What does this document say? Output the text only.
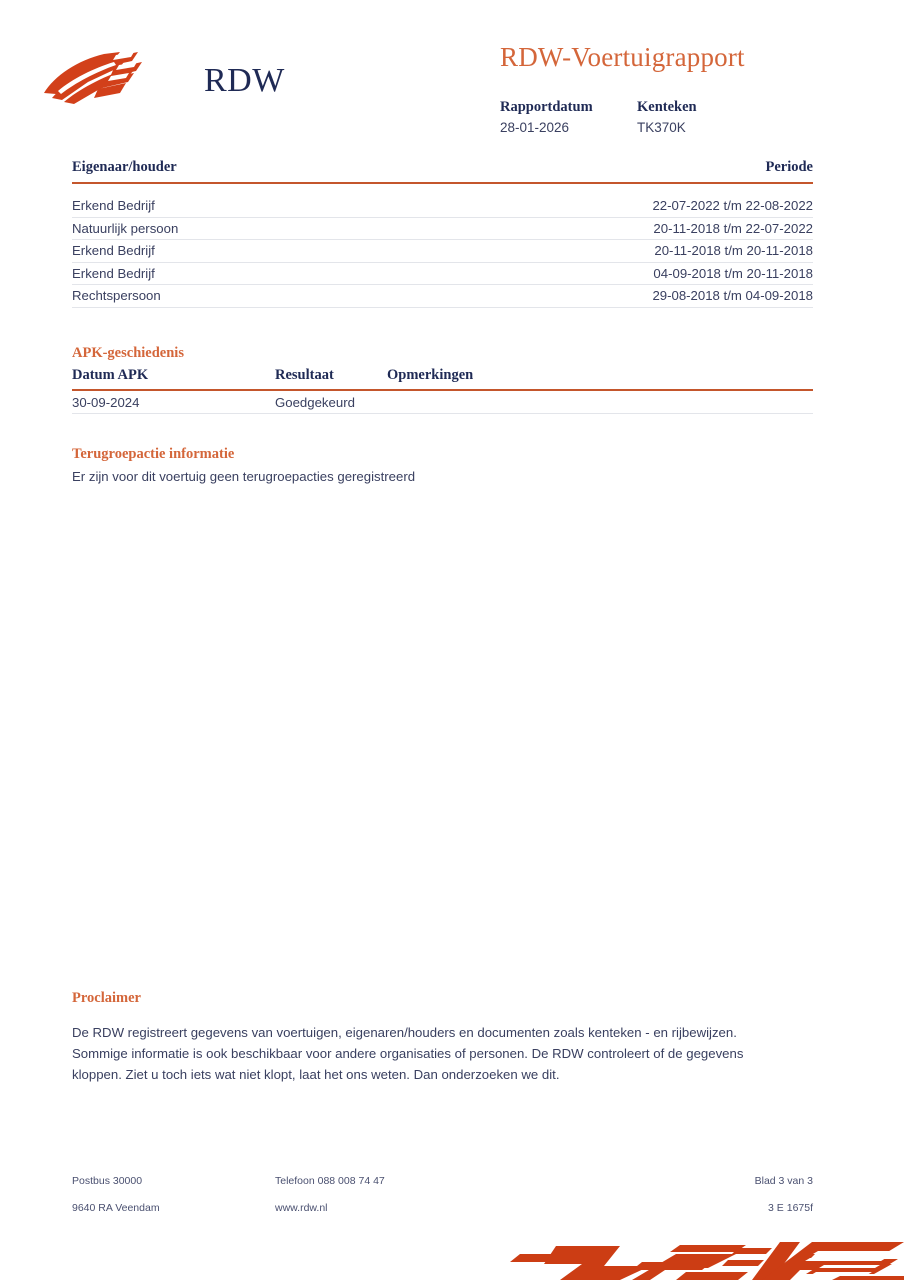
RDW
RDW-Voertuigrapport
Rapportdatum
28-01-2026
Kenteken
TK370K
Eigenaar/houder	Periode
Erkend Bedrijf	22-07-2022 t/m 22-08-2022
Natuurlijk persoon	20-11-2018 t/m 22-07-2022
Erkend Bedrijf	20-11-2018 t/m 20-11-2018
Erkend Bedrijf	04-09-2018 t/m 20-11-2018
Rechtspersoon	29-08-2018 t/m 04-09-2018
APK-geschiedenis
Datum APK	Resultaat	Opmerkingen
30-09-2024	Goedgekeurd
Terugroepactie informatie
Er zijn voor dit voertuig geen terugroepacties geregistreerd
Proclaimer
De RDW registreert gegevens van voertuigen, eigenaren/houders en documenten zoals kenteken - en rijbewijzen.
Sommige informatie is ook beschikbaar voor andere organisaties of personen. De RDW controleert of de gegevens
kloppen. Ziet u toch iets wat niet klopt, laat het ons weten. Dan onderzoeken we dit.
Postbus 30000
9640 RA Veendam
Telefoon 088 008 74 47
www.rdw.nl
Blad 3 van 3
3 E 1675f
